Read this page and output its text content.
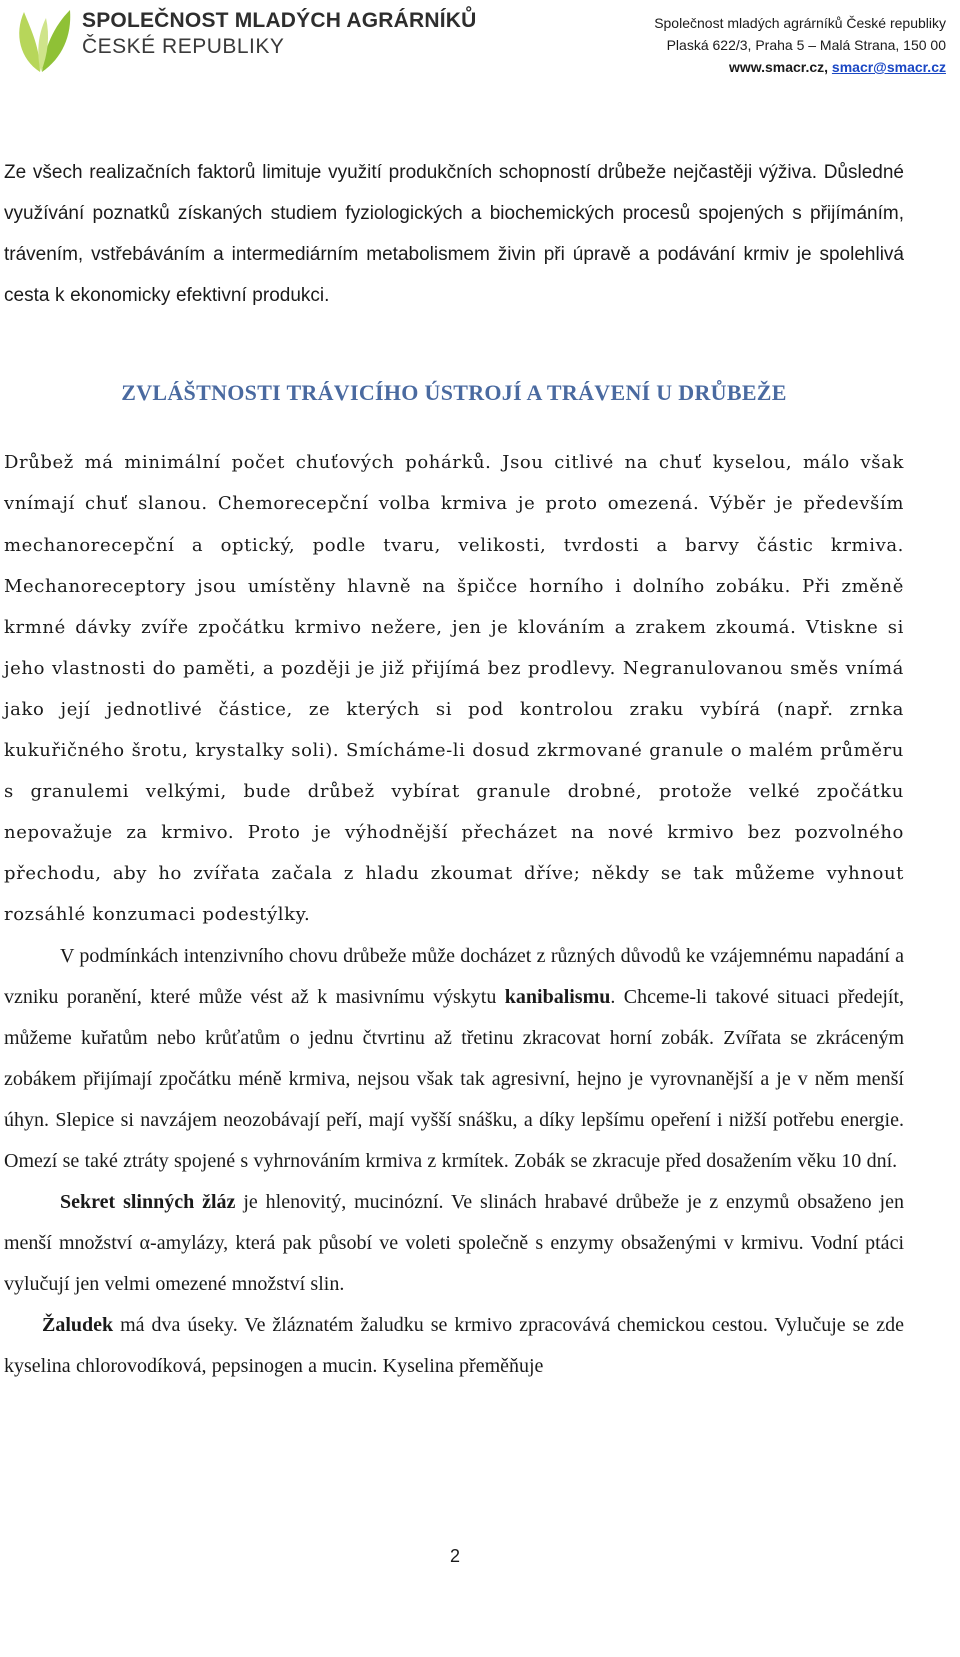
SPOLEČNOST MLADÝCH AGRÁRNÍKŮ
ČESKÉ REPUBLIKY
Společnost mladých agrárníků České republiky
Plaská 622/3, Praha 5 – Malá Strana, 150 00
www.smacr.cz, smacr@smacr.cz

Ze všech realizačních faktorů limituje využití produkčních schopností drůbeže nejčastěji výživa. Důsledné využívání poznatků získaných studiem fyziologických a biochemických procesů spojených s přijímáním, trávením, vstřebáváním a intermediárním metabolismem živin při úpravě a podávání krmiv je spolehlivá cesta k ekonomicky efektivní produkci.

ZVLÁŠTNOSTI TRÁVICÍHO ÚSTROJÍ A TRÁVENÍ U DRŮBEŽE

Drůbež má minimální počet chuťových pohárků. Jsou citlivé na chuť kyselou, málo však vnímají chuť slanou. Chemorecepční volba krmiva je proto omezená. Výběr je především mechanorecepční a optický, podle tvaru, velikosti, tvrdosti a barvy částic krmiva. Mechanoreceptory jsou umístěny hlavně na špičce horního i dolního zobáku. Při změně krmné dávky zvíře zpočátku krmivo nežere, jen je klováním a zrakem zkoumá. Vtiskne si jeho vlastnosti do paměti, a později je již přijímá bez prodlevy. Negranulovanou směs vnímá jako její jednotlivé částice, ze kterých si pod kontrolou zraku vybírá (např. zrnka kukuřičného šrotu, krystalky soli). Smícháme-li dosud zkrmované granule o malém průměru s granulemi velkými, bude drůbež vybírat granule drobné, protože velké zpočátku nepovažuje za krmivo. Proto je výhodnější přecházet na nové krmivo bez pozvolného přechodu, aby ho zvířata začala z hladu zkoumat dříve; někdy se tak můžeme vyhnout rozsáhlé konzumaci podestýlky.

V podmínkách intenzivního chovu drůbeže může docházet z různých důvodů ke vzájemnému napadání a vzniku poranění, které může vést až k masivnímu výskytu kanibalismu. Chceme-li takové situaci předejít, můžeme kuřatům nebo krůťatům o jednu čtvrtinu až třetinu zkracovat horní zobák. Zvířata se zkráceným zobákem přijímají zpočátku méně krmiva, nejsou však tak agresivní, hejno je vyrovnanější a je v něm menší úhyn. Slepice si navzájem neozobávají peří, mají vyšší snášku, a díky lepšímu opeření i nižší potřebu energie. Omezí se také ztráty spojené s vyhrnováním krmiva z krmítek. Zobák se zkracuje před dosažením věku 10 dní.

Sekret slinných žláz je hlenovitý, mucinózní. Ve slinách hrabavé drůbeže je z enzymů obsaženo jen menší množství α-amylázy, která pak působí ve voleti společně s enzymy obsaženými v krmivu. Vodní ptáci vylučují jen velmi omezené množství slin.

Žaludek má dva úseky. Ve žláznatém žaludku se krmivo zpracovává chemickou cestou. Vylučuje se zde kyselina chlorovodíková, pepsinogen a mucin. Kyselina přeměňuje

2
